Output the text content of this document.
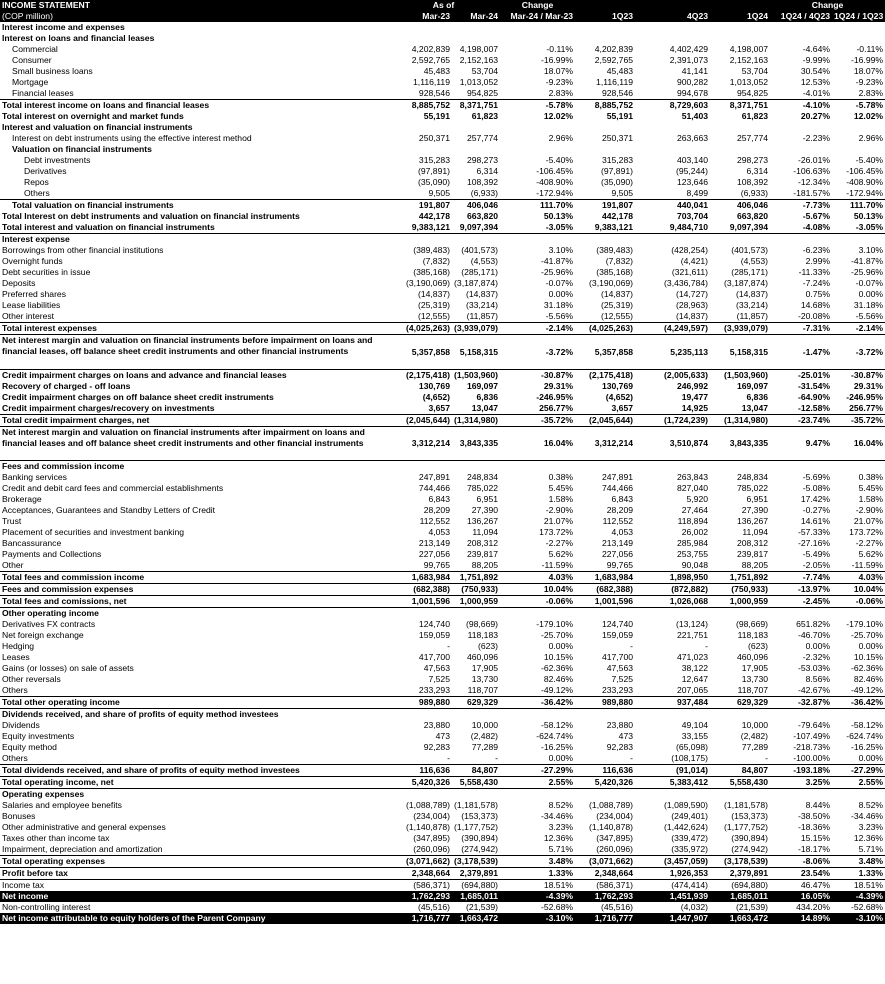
INCOME STATEMENT	As of		Change				Change	
(COP million)	Mar-23	Mar-24	Mar-24 / Mar-23	1Q23	4Q23	1Q24	1Q24 / 4Q23	1Q24 / 1Q23
Interest income and expenses								
Interest on loans and financial leases								
Commercial	4,202,839	4,198,007	-0.11%	4,202,839	4,402,429	4,198,007	-4.64%	-0.11%
Consumer	2,592,765	2,152,163	-16.99%	2,592,765	2,391,073	2,152,163	-9.99%	-16.99%
Small business loans	45,483	53,704	18.07%	45,483	41,141	53,704	30.54%	18.07%
Mortgage	1,116,119	1,013,052	-9.23%	1,116,119	900,282	1,013,052	12.53%	-9.23%
Financial leases	928,546	954,825	2.83%	928,546	994,678	954,825	-4.01%	2.83%
Total interest income on loans and financial leases	8,885,752	8,371,751	-5.78%	8,885,752	8,729,603	8,371,751	-4.10%	-5.78%
Total interest on overnight and market funds	55,191	61,823	12.02%	55,191	51,403	61,823	20.27%	12.02%
Interest and valuation on financial instruments								
Interest on debt instruments using the effective interest method	250,371	257,774	2.96%	250,371	263,663	257,774	-2.23%	2.96%
Valuation on financial instruments								
Debt investments	315,283	298,273	-5.40%	315,283	403,140	298,273	-26.01%	-5.40%
Derivatives	(97,891)	6,314	-106.45%	(97,891)	(95,244)	6,314	-106.63%	-106.45%
Repos	(35,090)	108,392	-408.90%	(35,090)	123,646	108,392	-12.34%	-408.90%
Others	9,505	(6,933)	-172.94%	9,505	8,499	(6,933)	-181.57%	-172.94%
Total valuation on financial instruments	191,807	406,046	111.70%	191,807	440,041	406,046	-7.73%	111.70%
Total Interest on debt instruments and valuation on financial instruments	442,178	663,820	50.13%	442,178	703,704	663,820	-5.67%	50.13%
Total interest and valuation on financial instruments	9,383,121	9,097,394	-3.05%	9,383,121	9,484,710	9,097,394	-4.08%	-3.05%
Interest expense								
Borrowings from other financial institutions	(389,483)	(401,573)	3.10%	(389,483)	(428,254)	(401,573)	-6.23%	3.10%
Overnight funds	(7,832)	(4,553)	-41.87%	(7,832)	(4,421)	(4,553)	2.99%	-41.87%
Debt securities in issue	(385,168)	(285,171)	-25.96%	(385,168)	(321,611)	(285,171)	-11.33%	-25.96%
Deposits	(3,190,069)	(3,187,874)	-0.07%	(3,190,069)	(3,436,784)	(3,187,874)	-7.24%	-0.07%
Preferred shares	(14,837)	(14,837)	0.00%	(14,837)	(14,727)	(14,837)	0.75%	0.00%
Lease liabilities	(25,319)	(33,214)	31.18%	(25,319)	(28,963)	(33,214)	14.68%	31.18%
Other interest	(12,555)	(11,857)	-5.56%	(12,555)	(14,837)	(11,857)	-20.08%	-5.56%
Total interest expenses	(4,025,263)	(3,939,079)	-2.14%	(4,025,263)	(4,249,597)	(3,939,079)	-7.31%	-2.14%
Net interest margin and valuation on financial instruments before impairment on loans and financial leases, off balance sheet credit instruments and other financial instruments	5,357,858	5,158,315	-3.72%	5,357,858	5,235,113	5,158,315	-1.47%	-3.72%
Credit impairment charges on loans and advance and financial leases	(2,175,418)	(1,503,960)	-30.87%	(2,175,418)	(2,005,633)	(1,503,960)	-25.01%	-30.87%
Recovery of charged - off loans	130,769	169,097	29.31%	130,769	246,992	169,097	-31.54%	29.31%
Credit impairment charges on off balance sheet credit instruments	(4,652)	6,836	-246.95%	(4,652)	19,477	6,836	-64.90%	-246.95%
Credit impairment charges/recovery on investments	3,657	13,047	256.77%	3,657	14,925	13,047	-12.58%	256.77%
Total credit impairment charges, net	(2,045,644)	(1,314,980)	-35.72%	(2,045,644)	(1,724,239)	(1,314,980)	-23.74%	-35.72%
Net interest margin and valuation on financial instruments after impairment on loans and financial leases and off balance sheet credit instruments and other financial instruments	3,312,214	3,843,335	16.04%	3,312,214	3,510,874	3,843,335	9.47%	16.04%
Fees and commission income								
Banking services	247,891	248,834	0.38%	247,891	263,843	248,834	-5.69%	0.38%
Credit and debit card fees and commercial establishments	744,466	785,022	5.45%	744,466	827,040	785,022	-5.08%	5.45%
Brokerage	6,843	6,951	1.58%	6,843	5,920	6,951	17.42%	1.58%
Acceptances, Guarantees and Standby Letters of Credit	28,209	27,390	-2.90%	28,209	27,464	27,390	-0.27%	-2.90%
Trust	112,552	136,267	21.07%	112,552	118,894	136,267	14.61%	21.07%
Placement of securities and investment banking	4,053	11,094	173.72%	4,053	26,002	11,094	-57.33%	173.72%
Bancassurance	213,149	208,312	-2.27%	213,149	285,984	208,312	-27.16%	-2.27%
Payments and Collections	227,056	239,817	5.62%	227,056	253,755	239,817	-5.49%	5.62%
Other	99,765	88,205	-11.59%	99,765	90,048	88,205	-2.05%	-11.59%
Total fees and commission income	1,683,984	1,751,892	4.03%	1,683,984	1,898,950	1,751,892	-7.74%	4.03%
Fees and commission expenses	(682,388)	(750,933)	10.04%	(682,388)	(872,882)	(750,933)	-13.97%	10.04%
Total fees and comissions, net	1,001,596	1,000,959	-0.06%	1,001,596	1,026,068	1,000,959	-2.45%	-0.06%
Other operating income								
Derivatives FX contracts	124,740	(98,669)	-179.10%	124,740	(13,124)	(98,669)	651.82%	-179.10%
Net foreign exchange	159,059	118,183	-25.70%	159,059	221,751	118,183	-46.70%	-25.70%
Hedging	-	(623)	0.00%	-	-	(623)	0.00%	0.00%
Leases	417,700	460,096	10.15%	417,700	471,023	460,096	-2.32%	10.15%
Gains (or losses) on sale of assets	47,563	17,905	-62.36%	47,563	38,122	17,905	-53.03%	-62.36%
Other reversals	7,525	13,730	82.46%	7,525	12,647	13,730	8.56%	82.46%
Others	233,293	118,707	-49.12%	233,293	207,065	118,707	-42.67%	-49.12%
Total other operating income	989,880	629,329	-36.42%	989,880	937,484	629,329	-32.87%	-36.42%
Dividends received, and share of profits of equity method investees								
Dividends	23,880	10,000	-58.12%	23,880	49,104	10,000	-79.64%	-58.12%
Equity investments	473	(2,482)	-624.74%	473	33,155	(2,482)	-107.49%	-624.74%
Equity method	92,283	77,289	-16.25%	92,283	(65,098)	77,289	-218.73%	-16.25%
Others	-	-	0.00%	-	(108,175)	-	-100.00%	0.00%
Total dividends received, and share of profits of equity method investees	116,636	84,807	-27.29%	116,636	(91,014)	84,807	-193.18%	-27.29%
Total operating income, net	5,420,326	5,558,430	2.55%	5,420,326	5,383,412	5,558,430	3.25%	2.55%
Operating expenses								
Salaries and employee benefits	(1,088,789)	(1,181,578)	8.52%	(1,088,789)	(1,089,590)	(1,181,578)	8.44%	8.52%
Bonuses	(234,004)	(153,373)	-34.46%	(234,004)	(249,401)	(153,373)	-38.50%	-34.46%
Other administrative and general expenses	(1,140,878)	(1,177,752)	3.23%	(1,140,878)	(1,442,624)	(1,177,752)	-18.36%	3.23%
Taxes other than income tax	(347,895)	(390,894)	12.36%	(347,895)	(339,472)	(390,894)	15.15%	12.36%
Impairment, depreciation and amortization	(260,096)	(274,942)	5.71%	(260,096)	(335,972)	(274,942)	-18.17%	5.71%
Total operating expenses	(3,071,662)	(3,178,539)	3.48%	(3,071,662)	(3,457,059)	(3,178,539)	-8.06%	3.48%
Profit before tax	2,348,664	2,379,891	1.33%	2,348,664	1,926,353	2,379,891	23.54%	1.33%
Income tax	(586,371)	(694,880)	18.51%	(586,371)	(474,414)	(694,880)	46.47%	18.51%
Net income	1,762,293	1,685,011	-4.39%	1,762,293	1,451,939	1,685,011	16.05%	-4.39%
Non-controlling interest	(45,516)	(21,539)	-52.68%	(45,516)	(4,032)	(21,539)	434.20%	-52.68%
Net income attributable to equity holders of the Parent Company	1,716,777	1,663,472	-3.10%	1,716,777	1,447,907	1,663,472	14.89%	-3.10%
